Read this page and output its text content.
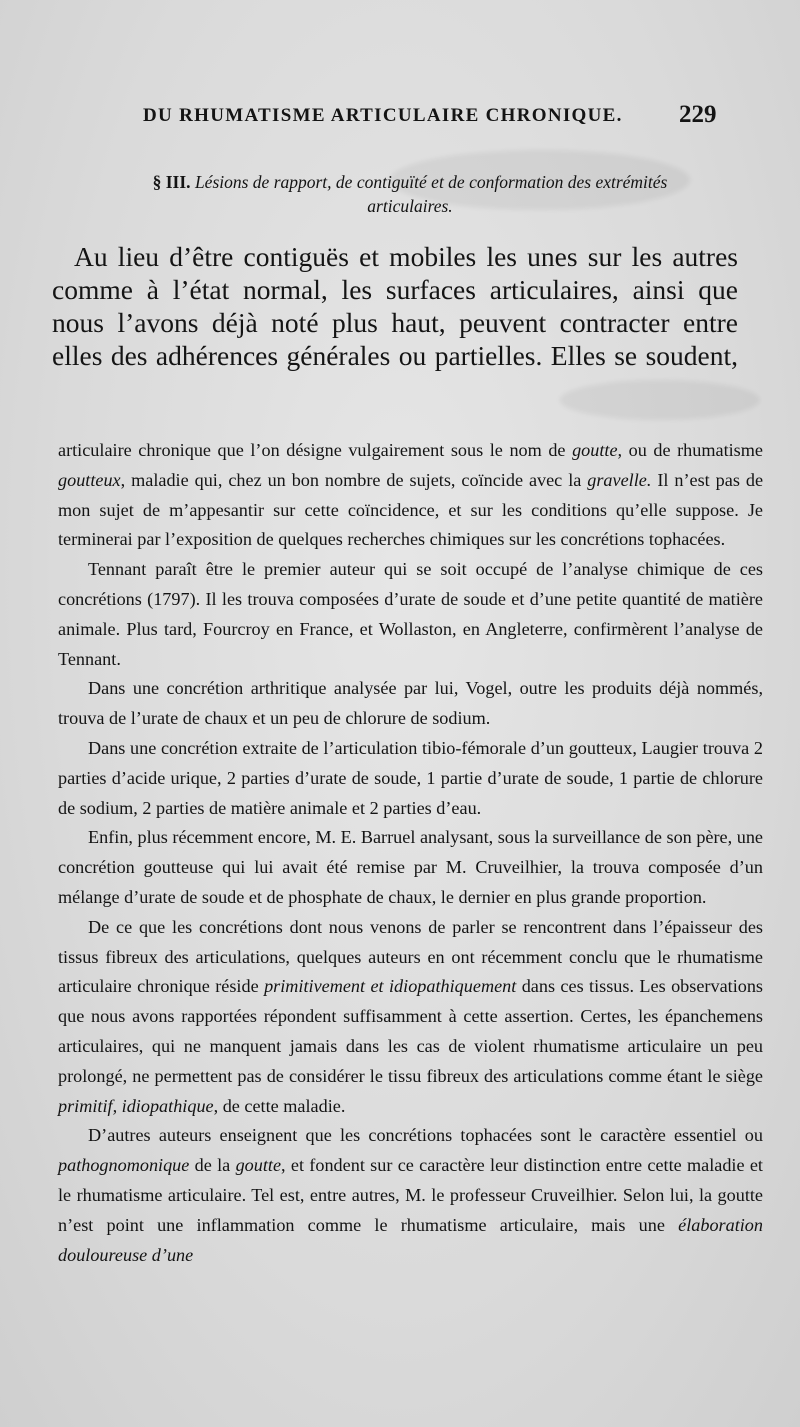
DU RHUMATISME ARTICULAIRE CHRONIQUE. 229
§ III. Lésions de rapport, de contiguïté et de conformation des extrémités
articulaires.
Au lieu d’être contiguës et mobiles les unes sur les autres
comme à l’état normal, les surfaces articulaires, ainsi que
nous l’avons déjà noté plus haut, peuvent contracter entre
elles des adhérences générales ou partielles. Elles se soudent,

articulaire chronique que l’on désigne vulgairement sous le nom de goutte, ou de rhumatisme goutteux, maladie qui, chez un bon nombre de sujets, coïncide avec la gravelle. Il n’est pas de mon sujet de m’appesantir sur cette coïncidence, et sur les conditions qu’elle suppose. Je terminerai par l’exposition de quelques recherches chimiques sur les concrétions tophacées.

Tennant paraît être le premier auteur qui se soit occupé de l’analyse chimique de ces concrétions (1797). Il les trouva composées d’urate de soude et d’une petite quantité de matière animale. Plus tard, Fourcroy en France, et Wollaston, en Angleterre, confirmèrent l’analyse de Tennant.

Dans une concrétion arthritique analysée par lui, Vogel, outre les produits déjà nommés, trouva de l’urate de chaux et un peu de chlorure de sodium.

Dans une concrétion extraite de l’articulation tibio-fémorale d’un goutteux, Laugier trouva 2 parties d’acide urique, 2 parties d’urate de soude, 1 partie d’urate de soude, 1 partie de chlorure de sodium, 2 parties de matière animale et 2 parties d’eau.

Enfin, plus récemment encore, M. E. Barruel analysant, sous la surveillance de son père, une concrétion goutteuse qui lui avait été remise par M. Cruveilhier, la trouva composée d’un mélange d’urate de soude et de phosphate de chaux, le dernier en plus grande proportion.

De ce que les concrétions dont nous venons de parler se rencontrent dans l’épaisseur des tissus fibreux des articulations, quelques auteurs en ont récemment conclu que le rhumatisme articulaire chronique réside primitivement et idiopathiquement dans ces tissus. Les observations que nous avons rapportées répondent suffisamment à cette assertion. Certes, les épanchemens articulaires, qui ne manquent jamais dans les cas de violent rhumatisme articulaire un peu prolongé, ne permettent pas de considérer le tissu fibreux des articulations comme étant le siège primitif, idiopathique, de cette maladie.

D’autres auteurs enseignent que les concrétions tophacées sont le caractère essentiel ou pathognomonique de la goutte, et fondent sur ce caractère leur distinction entre cette maladie et le rhumatisme articulaire. Tel est, entre autres, M. le professeur Cruveilhier. Selon lui, la goutte n’est point une inflammation comme le rhumatisme articulaire, mais une élaboration douloureuse d’une
